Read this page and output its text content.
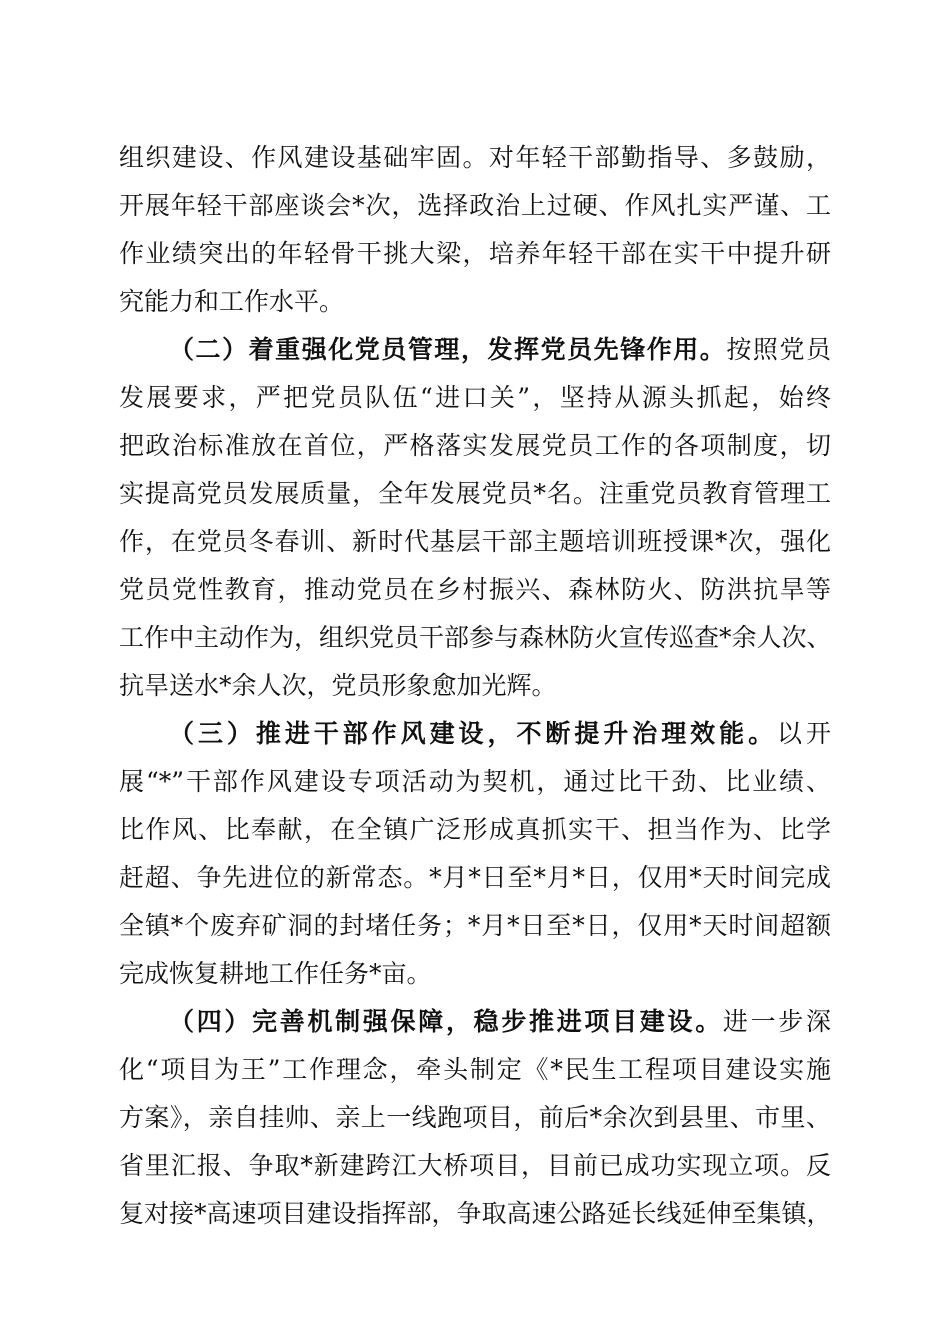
组织建设、作风建设基础牢固。对年轻干部勤指导、多鼓励，
开展年轻干部座谈会*次，选择政治上过硬、作风扎实严谨、工
作业绩突出的年轻骨干挑大梁，培养年轻干部在实干中提升研
究能力和工作水平。
（二）着重强化党员管理，发挥党员先锋作用。按照党员
发展要求，严把党员队伍“进口关”，坚持从源头抓起，始终
把政治标准放在首位，严格落实发展党员工作的各项制度，切
实提高党员发展质量，全年发展党员*名。注重党员教育管理工
作，在党员冬春训、新时代基层干部主题培训班授课*次，强化
党员党性教育，推动党员在乡村振兴、森林防火、防洪抗旱等
工作中主动作为，组织党员干部参与森林防火宣传巡查*余人次、
抗旱送水*余人次，党员形象愈加光辉。
（三）推进干部作风建设，不断提升治理效能。以开
展“*”干部作风建设专项活动为契机，通过比干劲、比业绩、
比作风、比奉献，在全镇广泛形成真抓实干、担当作为、比学
赶超、争先进位的新常态。*月*日至*月*日，仅用*天时间完成
全镇*个废弃矿洞的封堵任务；*月*日至*日，仅用*天时间超额
完成恢复耕地工作任务*亩。
（四）完善机制强保障，稳步推进项目建设。进一步深
化“项目为王”工作理念，牵头制定《*民生工程项目建设实施
方案》，亲自挂帅、亲上一线跑项目，前后*余次到县里、市里、
省里汇报、争取*新建跨江大桥项目，目前已成功实现立项。反
复对接*高速项目建设指挥部，争取高速公路延长线延伸至集镇，
